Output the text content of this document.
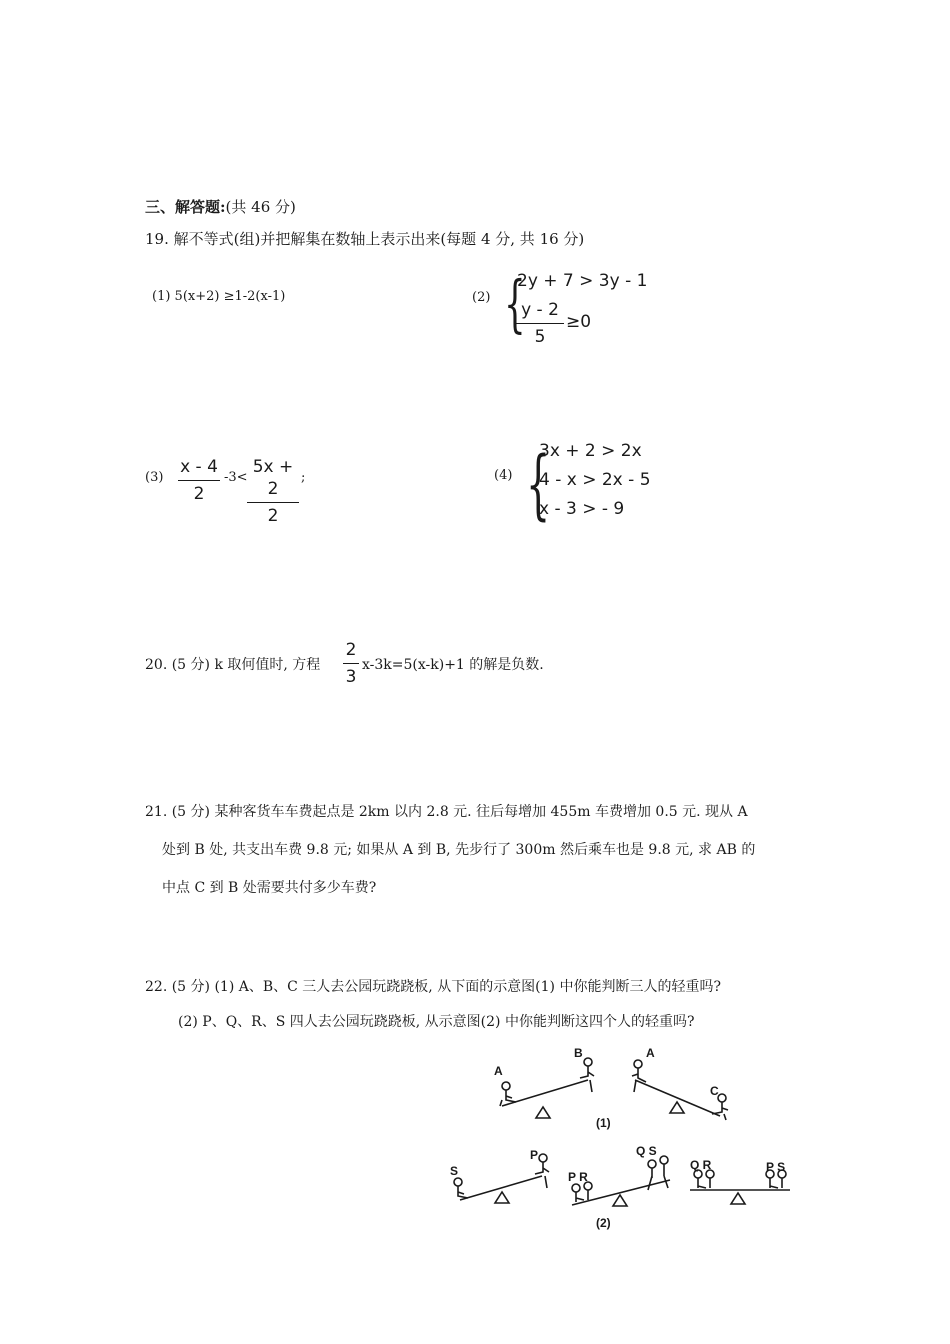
三、解答题:(共 46 分)
19. 解不等式(组)并把解集在数轴上表示出来(每题 4 分, 共 16 分)
(1) 5(x+2) ≥1-2(x-1)	(2) {
2y + 7 > 3y - 1
y - 2
5
≥0
(3)
x - 4
2
-3<
5x + 2
2
;	(4) {
3x + 2 > 2x
4 - x > 2x - 5
x - 3 > - 9
20. (5 分) k 取何值时, 方程
2
3
x-3k=5(x-k)+1 的解是负数.
21. (5 分) 某种客货车车费起点是 2km 以内 2.8 元. 往后每增加 455m 车费增加 0.5 元. 现从 A
处到 B 处, 共支出车费 9.8 元; 如果从 A 到 B, 先步行了 300m 然后乘车也是 9.8 元, 求 AB 的
中点 C 到 B 处需要共付多少车费?
22. (5 分) (1) A、B、C 三人去公园玩跷跷板, 从下面的示意图(1) 中你能判断三人的轻重吗?
(2) P、Q、R、S 四人去公园玩跷跷板, 从示意图(2) 中你能判断这四个人的轻重吗?
A
B	A
C
(1)
S
P
P R
Q S
Q R	P S
(2)
